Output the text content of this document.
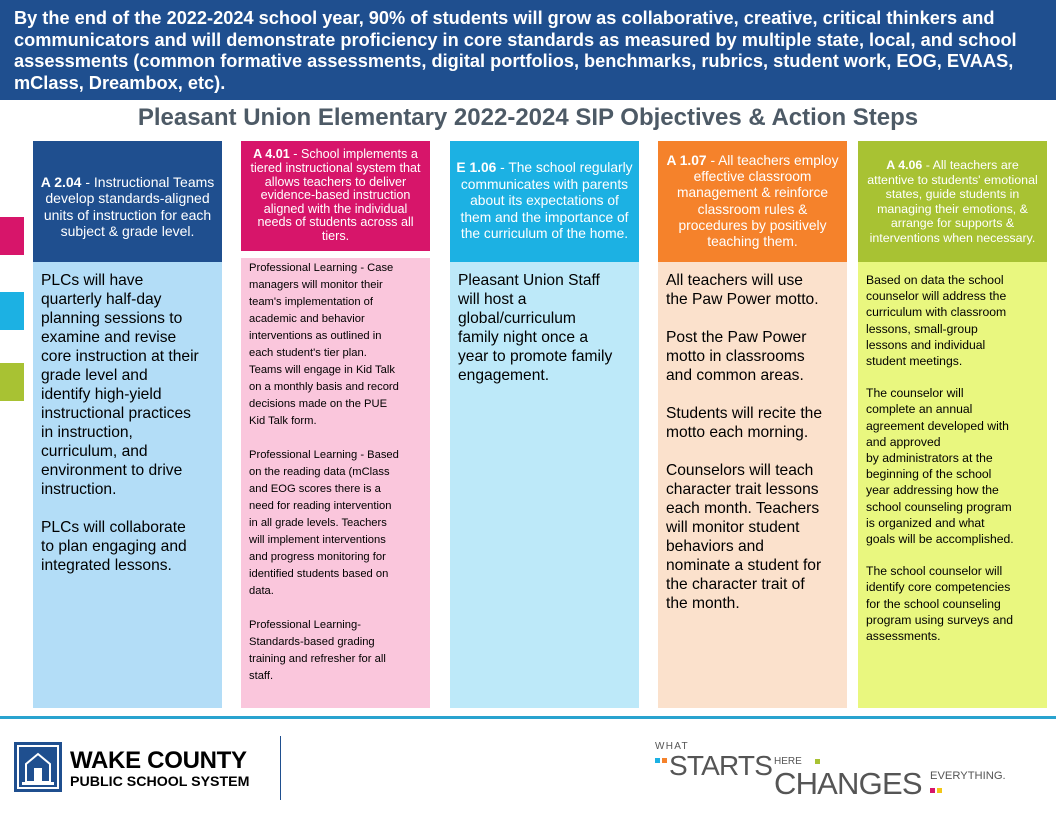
By the end of the 2022-2024 school year, 90% of students will grow as collaborative, creative, critical thinkers and communicators and will demonstrate proficiency in core standards as measured by multiple state, local, and school assessments (common formative assessments, digital portfolios, benchmarks, rubrics, student work, EOG, EVAAS, mClass, Dreambox, etc).
Pleasant Union Elementary 2022-2024 SIP Objectives & Action Steps
A 2.04 - Instructional Teams develop standards-aligned units of instruction for each subject & grade level.
PLCs will have
quarterly half-day
planning sessions to
examine and revise
core instruction at their
grade level and
identify high-yield
instructional practices
in instruction,
curriculum, and
environment to drive
instruction.
PLCs will collaborate
to plan engaging and
integrated lessons.
A 4.01 - School implements a tiered instructional system that allows teachers to deliver evidence-based instruction aligned with the individual needs of students across all tiers.
Professional Learning - Case
managers will monitor their
team's implementation of
academic and behavior
interventions as outlined in
each student's tier plan.
Teams will engage in Kid Talk
on a monthly basis and record
decisions made on the PUE
Kid Talk form.
Professional Learning - Based
on the reading data (mClass
and EOG scores there is a
need for reading intervention
in all grade levels. Teachers
will implement interventions
and progress monitoring for
identified students based on
data.
Professional Learning-
Standards-based grading
training and refresher for all
staff.
E 1.06 - The school regularly communicates with parents about its expectations of them and the importance of the curriculum of the home.
Pleasant Union Staff
will host a
global/curriculum
family night once a
year to promote family
engagement.
A 1.07 - All teachers employ effective classroom management & reinforce classroom rules & procedures by positively teaching them.
All teachers will use
the Paw Power motto.
Post the Paw Power
motto in classrooms
and common areas.
Students will recite the
motto each morning.
Counselors will teach
character trait lessons
each month. Teachers
will monitor student
behaviors and
nominate a student for
the character trait of
the month.
A 4.06 - All teachers are attentive to students' emotional states, guide students in managing their emotions, & arrange for supports & interventions when necessary.
Based on data the school
counselor will address the
curriculum with classroom
lessons, small-group
lessons and individual
student meetings.
The counselor will
complete an annual
agreement developed with
and approved
by administrators at the
beginning of the school
year addressing how the
school counseling program
is organized and what
goals will be accomplished.
The school counselor will
identify core competencies
for the school counseling
program using surveys and
assessments.
WAKE COUNTY
PUBLIC SCHOOL SYSTEM
WHAT
STARTS HERE
CHANGES EVERYTHING.
